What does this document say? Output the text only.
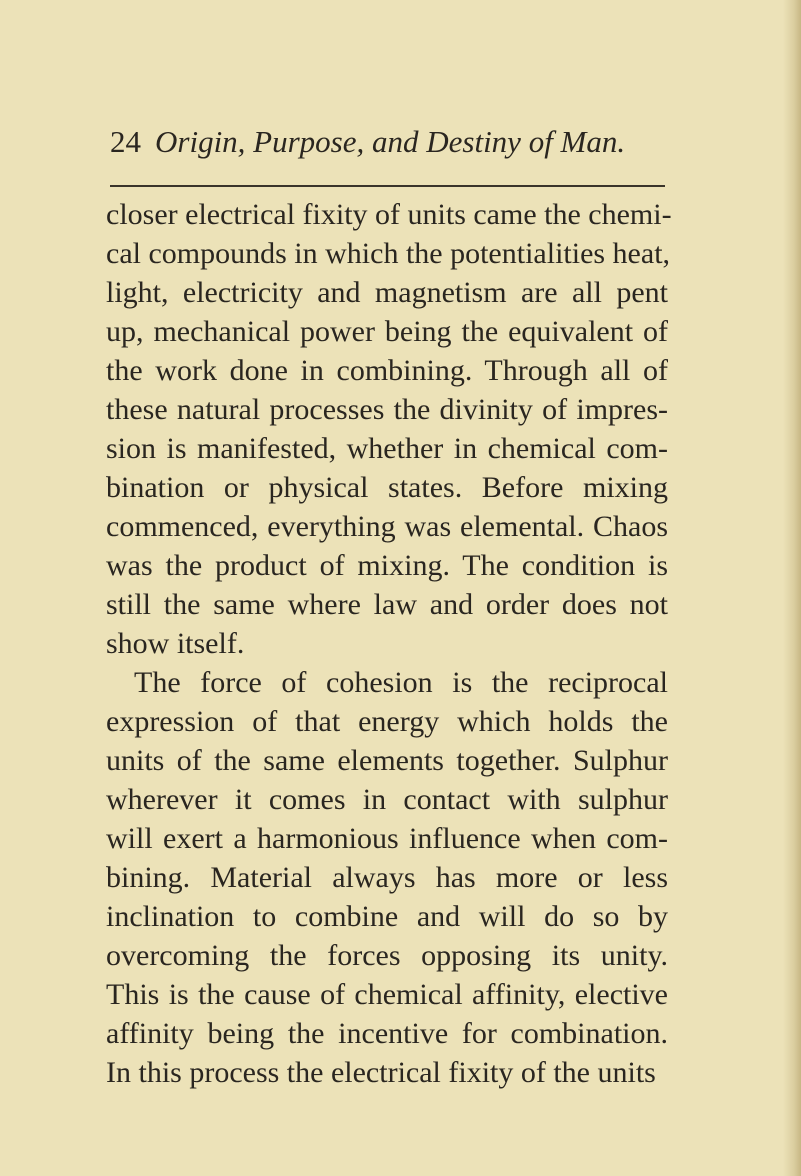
24 Origin, Purpose, and Destiny of Man.
closer electrical fixity of units came the chemi-
cal compounds in which the potentialities heat,
light, electricity and magnetism are all pent
up, mechanical power being the equivalent of
the work done in combining. Through all of
these natural processes the divinity of impres-
sion is manifested, whether in chemical com-
bination or physical states. Before mixing
commenced, everything was elemental. Chaos
was the product of mixing. The condition is
still the same where law and order does not
show itself.
The force of cohesion is the reciprocal
expression of that energy which holds the
units of the same elements together. Sulphur
wherever it comes in contact with sulphur
will exert a harmonious influence when com-
bining. Material always has more or less
inclination to combine and will do so by
overcoming the forces opposing its unity.
This is the cause of chemical affinity, elective
affinity being the incentive for combination.
In this process the electrical fixity of the units
